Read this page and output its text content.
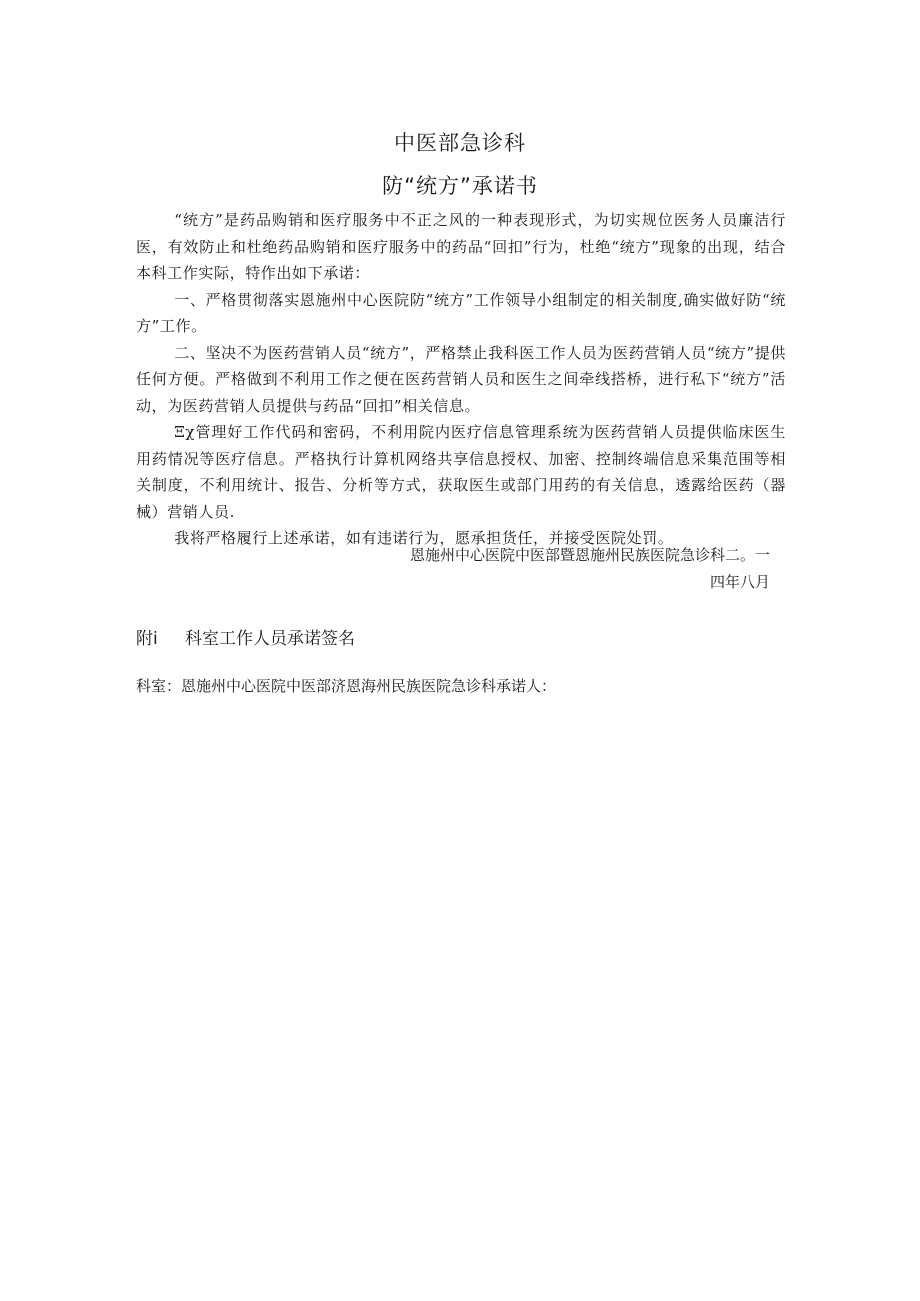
中医部急诊科
防“统方”承诺书

“统方”是药品购销和医疗服务中不正之风的一种表现形式，为切实规位医务人员廉洁行医，有效防止和杜绝药品购销和医疗服务中的药品“回扣”行为，杜绝“统方”现象的出现，结合本科工作实际，特作出如下承诺：

一、严格贯彻落实恩施州中心医院防“统方”工作领导小组制定的相关制度,确实做好防“统方”工作。

二、坚决不为医药营销人员“统方”，严格禁止我科医工作人员为医药营销人员“统方”提供任何方便。严格做到不利用工作之便在医药营销人员和医生之间牵线搭桥，进行私下“统方”活动，为医药营销人员提供与药品“回扣”相关信息。

Ξχ管理好工作代码和密码，不利用院内医疗信息管理系统为医药营销人员提供临床医生用药情况等医疗信息。严格执行计算机网络共享信息授权、加密、控制终端信息采集范围等相关制度，不利用统计、报告、分析等方式，获取医生或部门用药的有关信息，透露给医药（器械）营销人员.

我将严格履行上述承诺，如有违诺行为，愿承担货任，并接受医院处罚。

恩施州中心医院中医部暨恩施州民族医院急诊科二。一
四年八月
附i 科室工作人员承诺签名
科室：恩施州中心医院中医部济恩海州民族医院急诊科承诺人：
